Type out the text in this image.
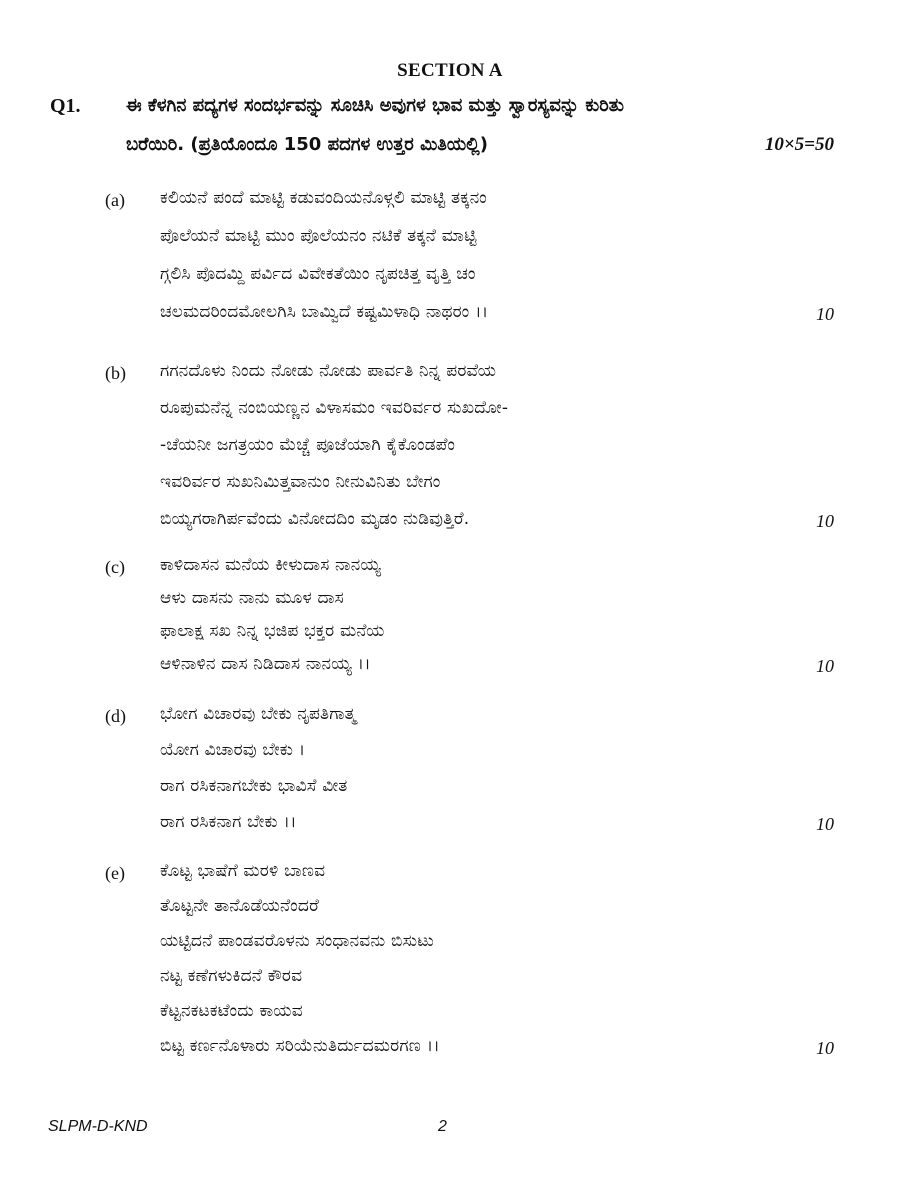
SECTION A
Q1.	ಈ ಕೆಳಗಿನ ಪದ್ಯಗಳ ಸಂದರ್ಭವನ್ನು ಸೂಚಿಸಿ ಅವುಗಳ ಭಾವ ಮತ್ತು ಸ್ವಾರಸ್ಯವನ್ನು ಕುರಿತು
ಬರೆಯಿರಿ. (ಪ್ರತಿಯೊಂದೂ 150 ಪದಗಳ ಉತ್ತರ ಮಿತಿಯಲ್ಲಿ)	10×5=50
(a) ಕಲಿಯನೆ ಪಂದೆ ಮಾಟ್ಟಿ ಕಡುವಂದಿಯನೊಳ್ಗಲಿ ಮಾಟ್ಟಿ ತಕ್ಕನಂ
ಪೊಲೆಯನೆ ಮಾಟ್ಟಿ ಮುಂ ಪೊಲೆಯನಂ ನಟಿಕೆ ತಕ್ಕನೆ ಮಾಟ್ಟಿ
ಗ್ಗಲಿಸಿ ಪೊದಮ್ದಿ ಪರ್ವಿದ ವಿವೇಕತೆಯಿಂ ನೃಪಚಿತ್ತ ವೃತ್ತಿ ಚಂ
ಚಲಮದರಿಂದಮೋಲಗಿಸಿ ಬಾಮ್ವಿದೆ ಕಷ್ಟಮಿಳಾಧಿ ನಾಥರಂ ।।	10
(b) ಗಗನದೊಳು ನಿಂದು ನೋಡು ನೋಡು ಪಾರ್ವತಿ ನಿನ್ನ ಪರವೆಯ
ರೂಪುಮನೆನ್ನ ನಂಬಿಯಣ್ಣನ ವಿಳಾಸಮಂ ಇವರಿರ್ವರ ಸುಖದೋ-
-ಚೆಯನೀ ಜಗತ್ರಯಂ ಮೆಚ್ಚೆ ಪೂಜೆಯಾಗಿ ಕೈಕೊಂಡಪೆಂ
ಇವರಿರ್ವರ ಸುಖನಿಮಿತ್ತವಾನುಂ ನೀನುವಿನಿತು ಬೇಗಂ
ಬಿಯ್ಯಗರಾಗಿರ್ಪವೆಂದು ವಿನೋದದಿಂ ಮೃಡಂ ನುಡಿವುತ್ತಿರೆ.	10
(c) ಕಾಳಿದಾಸನ ಮನೆಯ ಕೀಳುದಾಸ ನಾನಯ್ಯ
ಆಳು ದಾಸನು ನಾನು ಮೂಳ ದಾಸ
ಫಾಲಾಕ್ಷ ಸಖ ನಿನ್ನ ಭಜಿಪ ಭಕ್ತರ ಮನೆಯ
ಆಳಿನಾಳಿನ ದಾಸ ನಿಡಿದಾಸ ನಾನಯ್ಯ ।।	10
(d) ಭೋಗ ವಿಚಾರವು ಬೇಕು ನೃಪತಿಗಾತ್ಮ
ಯೋಗ ವಿಚಾರವು ಬೇಕು ।
ರಾಗ ರಸಿಕನಾಗಬೇಕು ಭಾವಿಸೆ ವೀತ
ರಾಗ ರಸಿಕನಾಗ ಬೇಕು ।।	10
(e) ಕೊಟ್ಟ ಭಾಷೆಗೆ ಮರಳಿ ಬಾಣವ
ತೊಟ್ಟನೇ ತಾನೊಡೆಯನೆಂದರೆ
ಯಟ್ಟಿದನೆ ಪಾಂಡವರೊಳನು ಸಂಧಾನವನು ಬಿಸುಟು
ನಟ್ಟ ಕಣೆಗಳುಕಿದನೆ ಕೌರವ
ಕೆಟ್ಟನಕಟಕಟೆಂದು ಕಾಯವ
ಬಿಟ್ಟ ಕರ್ಣನೊಳಾರು ಸರಿಯೆನುತಿರ್ದುದಮರಗಣ ।।	10
SLPM-D-KND	2
